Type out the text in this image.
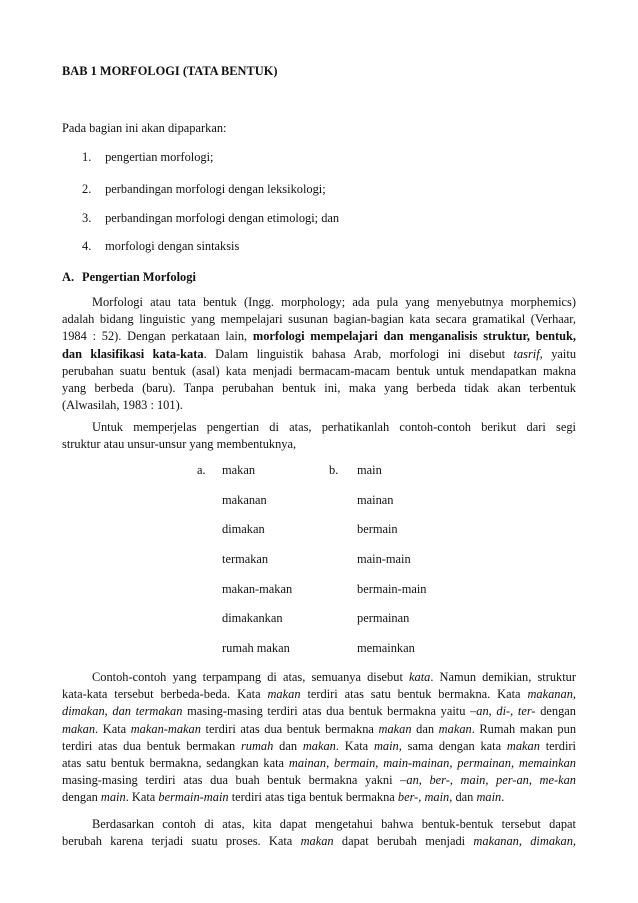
BAB 1 MORFOLOGI (TATA BENTUK)
Pada bagian ini akan dipaparkan:
1. pengertian morfologi;
2. perbandingan morfologi dengan leksikologi;
3. perbandingan morfologi dengan etimologi; dan
4. morfologi dengan sintaksis
A. Pengertian Morfologi
Morfologi atau tata bentuk (Ingg. morphology; ada pula yang menyebutnya morphemics)
adalah bidang linguistic yang mempelajari susunan bagian-bagian kata secara gramatikal (Verhaar,
1984 : 52). Dengan perkataan lain, morfologi mempelajari dan menganalisis struktur, bentuk,
dan klasifikasi kata-kata. Dalam linguistik bahasa Arab, morfologi ini disebut tasrif, yaitu
perubahan suatu bentuk (asal) kata menjadi bermacam-macam bentuk untuk mendapatkan makna
yang berbeda (baru). Tanpa perubahan bentuk ini, maka yang berbeda tidak akan terbentuk
(Alwasilah, 1983 : 101).
Untuk memperjelas pengertian di atas, perhatikanlah contoh-contoh berikut dari segi
struktur atau unsur-unsur yang membentuknya,
a.	b.
makan
makanan
dimakan
termakan
makan-makan
dimakankan
rumah makan
main
mainan
bermain
main-main
bermain-main
permainan
memainkan
Contoh-contoh yang terpampang di atas, semuanya disebut kata. Namun demikian, struktur
kata-kata tersebut berbeda-beda. Kata makan terdiri atas satu bentuk bermakna. Kata makanan,
dimakan, dan termakan masing-masing terdiri atas dua bentuk bermakna yaitu –an, di-, ter- dengan
makan. Kata makan-makan terdiri atas dua bentuk bermakna makan dan makan. Rumah makan pun
terdiri atas dua bentuk bermakan rumah dan makan. Kata main, sama dengan kata makan terdiri
atas satu bentuk bermakna, sedangkan kata mainan, bermain, main-mainan, permainan, memainkan
masing-masing terdiri atas dua buah bentuk bermakna yakni –an, ber-, main, per-an, me-kan
dengan main. Kata bermain-main terdiri atas tiga bentuk bermakna ber-, main, dan main.
Berdasarkan contoh di atas, kita dapat mengetahui bahwa bentuk-bentuk tersebut dapat
berubah karena terjadi suatu proses. Kata makan dapat berubah menjadi makanan, dimakan,
